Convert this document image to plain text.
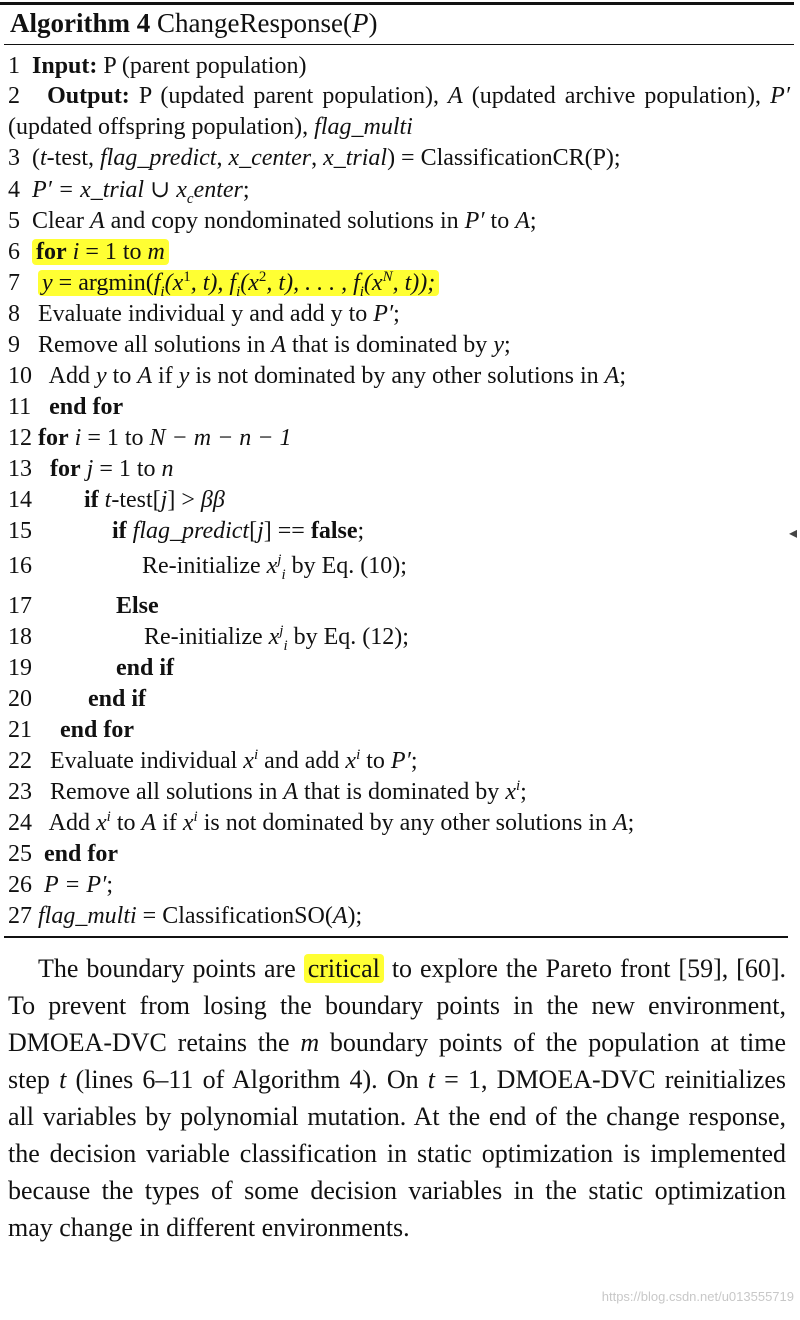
Algorithm 4 ChangeResponse(P)
1 Input: P (parent population)
2 Output: P (updated parent population), A (updated archive population), P′ (updated offspring population), flag_multi
3  (t-test, flag_predict, x_center, x_trial) = ClassificationCR(P);
4 P′ = x_trial ∪ $x_center$;
5  Clear A and copy nondominated solutions in P′ to A;
6 for i = 1 to m
7 $y = argmin(f_i(x^1$, t), $f_i(x^2$, t), . . . , $f_i(x^N$, t));
8   Evaluate individual y and add y to P′;
9   Remove all solutions in A that is dominated by y;
10   Add y to A if y is not dominated by any other solutions in A;
11 end for
12 for i = 1 to N − m − n − 1
13 for j = 1 to n
14 if t-test[j] > ββ
15	if flag_predict[j] == false;
16	Re-initialize $x^j_i$ by Eq. (10);
17	Else
18	Re-initialize $x^j_i$ by Eq. (12);
19	end if
20 end if
21 end for
22   Evaluate individual $x^i$ and add $x^i$ to P′;
23   Remove all solutions in A that is dominated by $x^i$;
24   Add $x^i$ to A if $x^i$ is not dominated by any other solutions in A;
25 end for
26 P = P′;
27 flag_multi = ClassificationSO(A);
◂
The boundary points are critical to explore the Pareto front [59], [60]. To prevent from losing the boundary points in the new environment, DMOEA-DVC retains the m boundary points of the population at time step t (lines 6–11 of Algorithm 4). On t = 1, DMOEA-DVC reinitializes all variables by polynomial mutation. At the end of the change response, the decision variable classification in static optimization is implemented because the types of some decision variables in the static optimization may change in different environments.
https://blog.csdn.net/u013555719
